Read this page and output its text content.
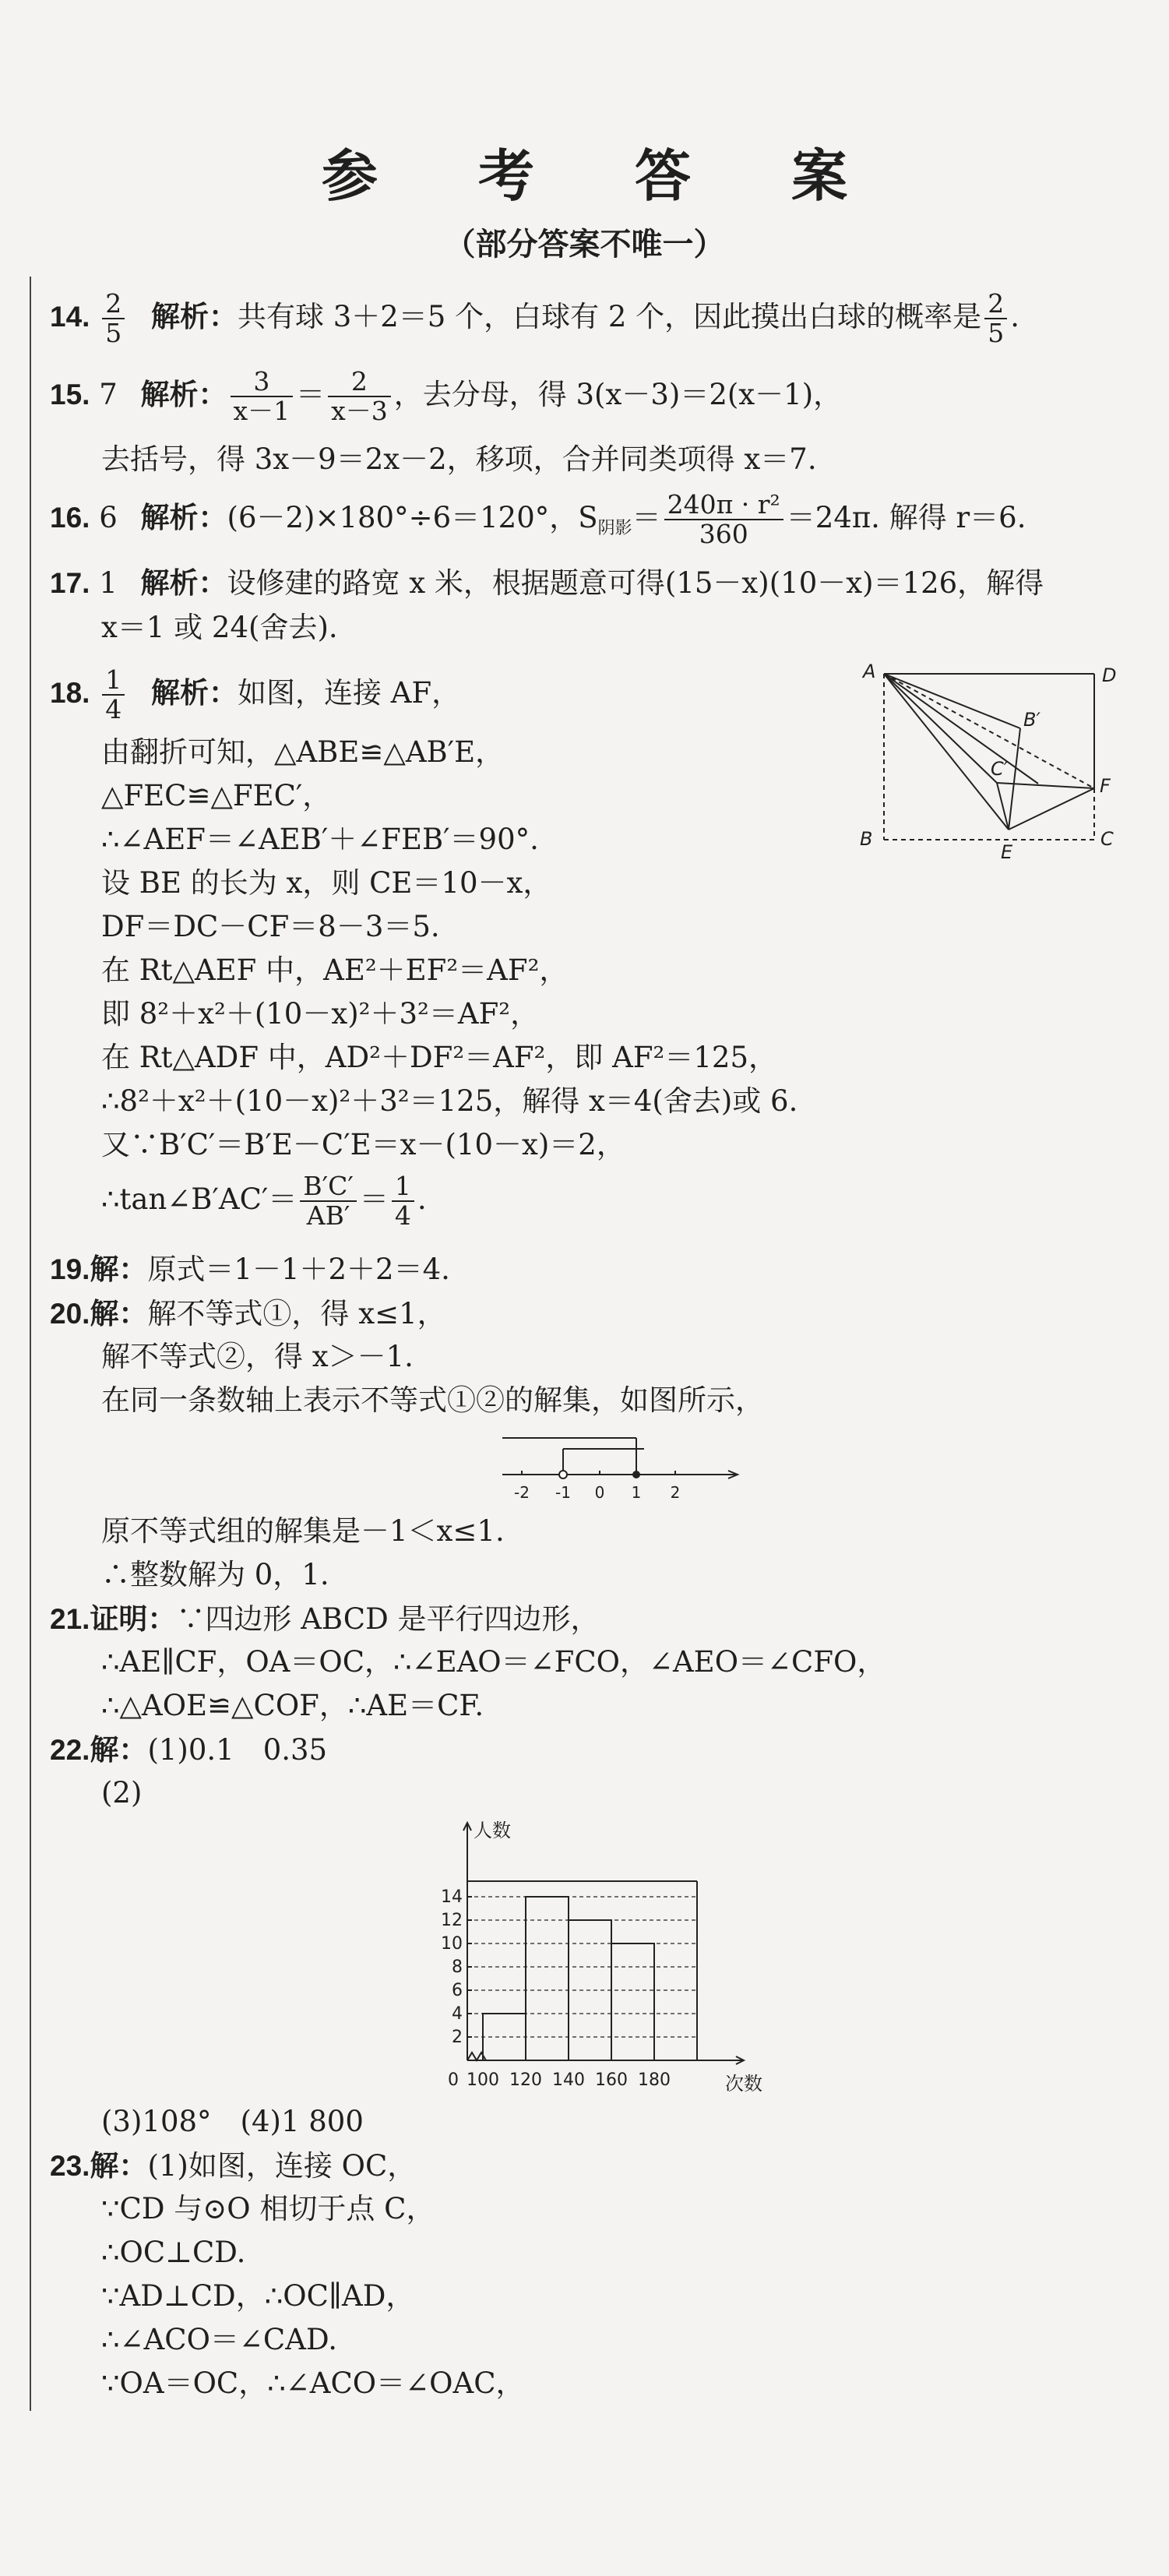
参 考 答 案
（部分答案不唯一）
14. $\frac{2}{5}$ 解析：共有球 3＋2＝5 个，白球有 2 个，因此摸出白球的概率是 $\frac{2}{5}$ .
15. 7 解析： $\frac{3}{x-1} = \frac{2}{x-3}$ ，去分母，得 3(x－3)＝2(x－1)，
去括号，得 3x－9＝2x－2，移项，合并同类项得 x＝7.
16. 6 解析：(6－2)×180°÷6＝120°，$S_{阴影}= \frac{\text{240π · r²}}{360} =24\pi$. 解得 r＝6.
17. 1 解析：设修建的路宽 x 米，根据题意可得(15－x)(10－x)＝126，解得
x＝1 或 24(舍去).
18. $\frac{1}{4}$ 解析：如图，连接 AF，
由翻折可知，△ABE≌△AB′E，
△FEC≌△FEC′，
∴∠AEF＝∠AEB′＋∠FEB′＝90°.
设 BE 的长为 x，则 CE＝10－x，
DF＝DC－CF＝8－3＝5.
在 Rt△AEF 中，AE²＋EF²＝AF²，
即 8²＋x²＋(10－x)²＋3²＝AF²，
在 Rt△ADF 中，AD²＋DF²＝AF²，即 AF²＝125，
∴8²＋x²＋(10－x)²＋3²＝125，解得 x＝4(舍去)或 6.
又∵B′C′＝B′E－C′E＝x－(10－x)＝2，
∴tan∠B′AC′＝ $\frac{B'C'}{AB'} = \frac{1}{4}$ .
A	D
B′
C′
F
B
E
C
19.解：原式＝1－1＋2＋2＝4.
20.解：解不等式①，得 x≤1，
解不等式②，得 x＞－1.
在同一条数轴上表示不等式①②的解集，如图所示，
-2 -1 0 1 2
原不等式组的解集是－1＜x≤1.
∴整数解为 0，1.
21.证明：∵四边形 ABCD 是平行四边形，
∴AE∥CF，OA＝OC，∴∠EAO＝∠FCO，∠AEO＝∠CFO，
∴△AOE≌△COF，∴AE＝CF.
22.解：(1)0.1　0.35
(2)
2
4
6
8
10
12
14
100 120 140 160 180
0
人数
次数
(3)108°　(4)1 800
23.解：(1)如图，连接 OC，
∵CD 与⊙O 相切于点 C，
∴OC⊥CD.
∵AD⊥CD，∴OC∥AD，
∴∠ACO＝∠CAD.
∵OA＝OC，∴∠ACO＝∠OAC，
